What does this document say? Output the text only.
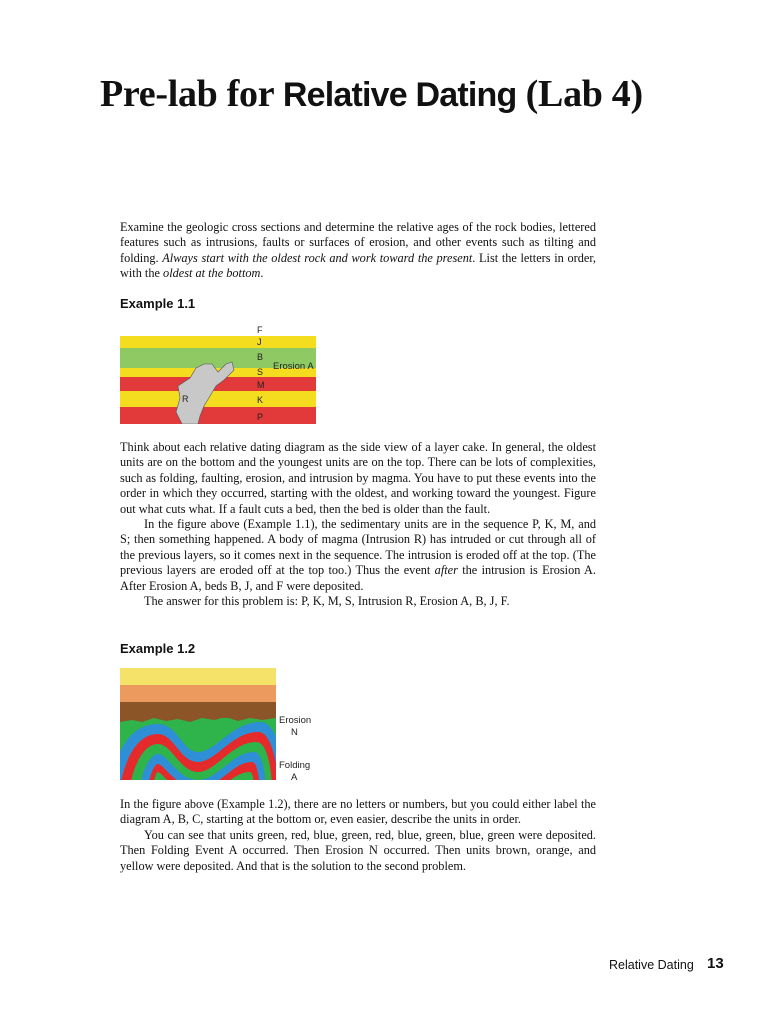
Pre-lab for Relative Dating (Lab 4)

Examine the geologic cross sections and determine the relative ages of the rock bodies, lettered features such as intrusions, faults or surfaces of erosion, and other events such as tilting and folding. Always start with the oldest rock and work toward the present. List the letters in order, with the oldest at the bottom.

Example 1.1
R
F
J
B
S
M
K
P
Erosion A

Think about each relative dating diagram as the side view of a layer cake. In general, the oldest units are on the bottom and the youngest units are on the top. There can be lots of complexities, such as folding, faulting, erosion, and intrusion by magma. You have to put these events into the order in which they occurred, starting with the oldest, and working toward the youngest. Figure out what cuts what. If a fault cuts a bed, then the bed is older than the fault.

In the figure above (Example 1.1), the sedimentary units are in the sequence P, K, M, and S; then something happened. A body of magma (Intrusion R) has intruded or cut through all of the previous layers, so it comes next in the sequence. The intrusion is eroded off at the top. (The previous layers are eroded off at the top too.) Thus the event after the intrusion is Erosion A. After Erosion A, beds B, J, and F were deposited.

The answer for this problem is: P, K, M, S, Intrusion R, Erosion A, B, J, F.

Example 1.2
Erosion
N
Folding
A

In the figure above (Example 1.2), there are no letters or numbers, but you could either label the diagram A, B, C, starting at the bottom or, even easier, describe the units in order.

You can see that units green, red, blue, green, red, blue, green, blue, green were deposited. Then Folding Event A occurred. Then Erosion N occurred. Then units brown, orange, and yellow were deposited. And that is the solution to the second problem.

Relative Dating 13
